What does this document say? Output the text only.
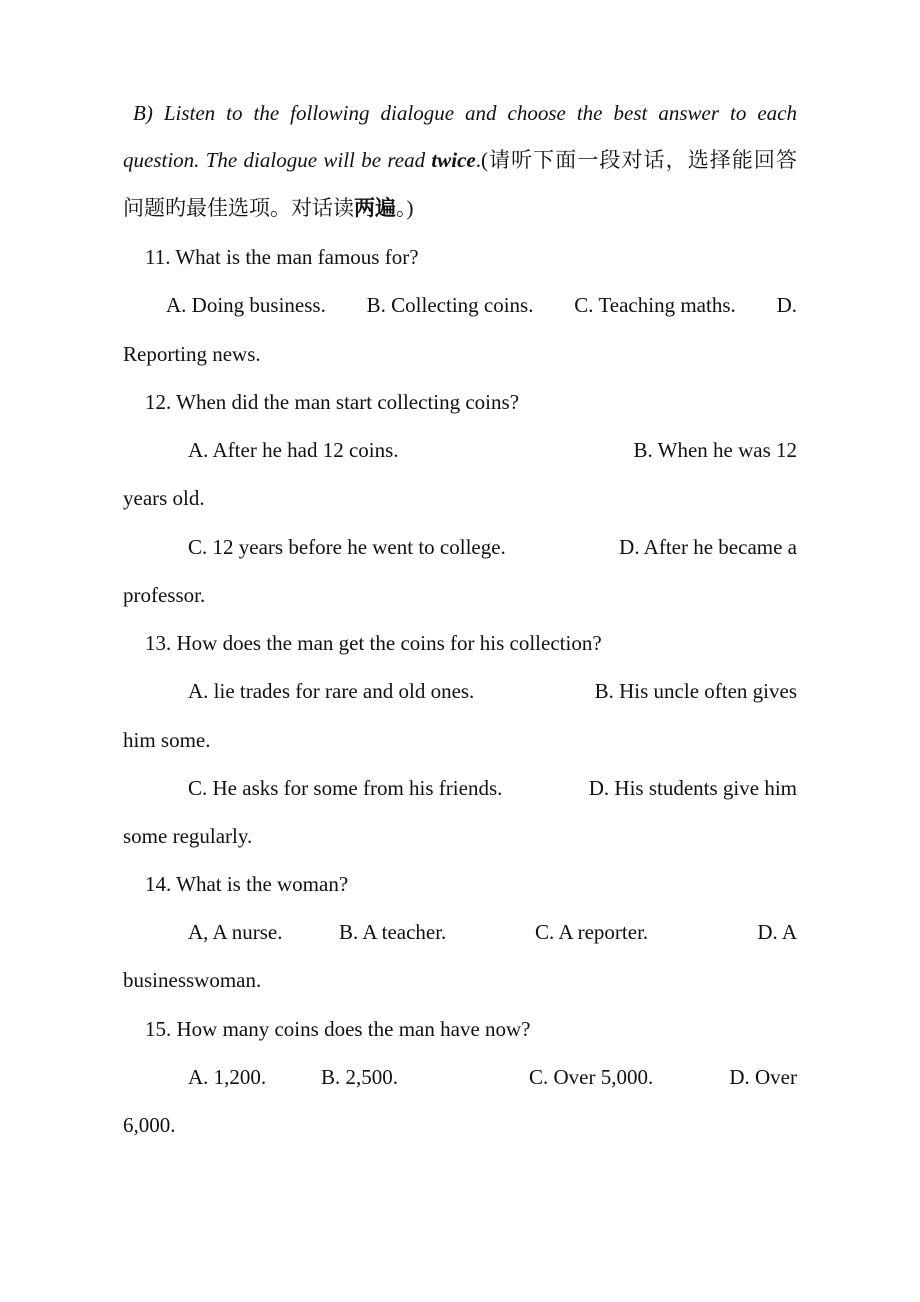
B) Listen to the following dialogue and choose the best answer to each
question. The dialogue will be read twice.(请听下面一段对话，选择能回答
问题旳最佳选项。对话读两遍。)
11. What is the man famous for?
A. Doing business. B. Collecting coins. C. Teaching maths. D.
Reporting news.
12. When did the man start collecting coins?
A. After he had 12 coins.	B. When he was 12
years old.
C. 12 years before he went to college.	D. After he became a
professor.
13. How does the man get the coins for his collection?
A. lie trades for rare and old ones.	B. His uncle often gives
him some.
C. He asks for some from his friends.	D. His students give him
some regularly.
14. What is the woman?
A, A nurse.	B. A teacher.	C. A reporter.	D. A
businesswoman.
15. How many coins does the man have now?
A. 1,200.	B. 2,500.	C. Over 5,000.	D. Over
6,000.
